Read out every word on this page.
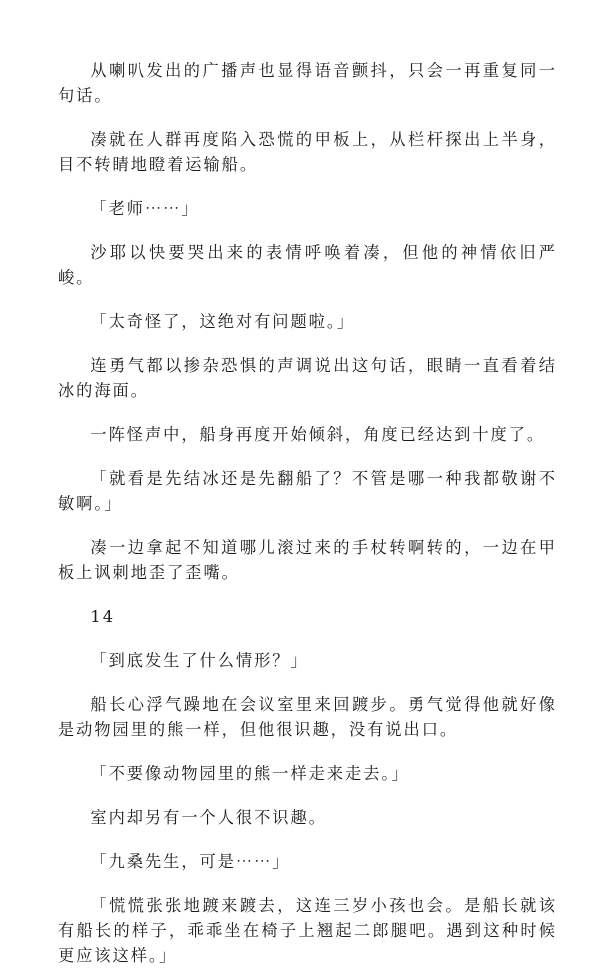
从喇叭发出的广播声也显得语音颤抖，只会一再重复同一句话。

凑就在人群再度陷入恐慌的甲板上，从栏杆探出上半身，目不转睛地瞪着运输船。

「老师⋯⋯」

沙耶以快要哭出来的表情呼唤着凑，但他的神情依旧严峻。

「太奇怪了，这绝对有问题啦。」

连勇气都以掺杂恐惧的声调说出这句话，眼睛一直看着结冰的海面。

一阵怪声中，船身再度开始倾斜，角度已经达到十度了。

「就看是先结冰还是先翻船了？不管是哪一种我都敬谢不敏啊。」

凑一边拿起不知道哪儿滚过来的手杖转啊转的，一边在甲板上讽刺地歪了歪嘴。

14

「到底发生了什么情形？」

船长心浮气躁地在会议室里来回踱步。勇气觉得他就好像是动物园里的熊一样，但他很识趣，没有说出口。

「不要像动物园里的熊一样走来走去。」

室内却另有一个人很不识趣。

「九桑先生，可是⋯⋯」

「慌慌张张地踱来踱去，这连三岁小孩也会。是船长就该有船长的样子，乖乖坐在椅子上翘起二郎腿吧。遇到这种时候更应该这样。」
